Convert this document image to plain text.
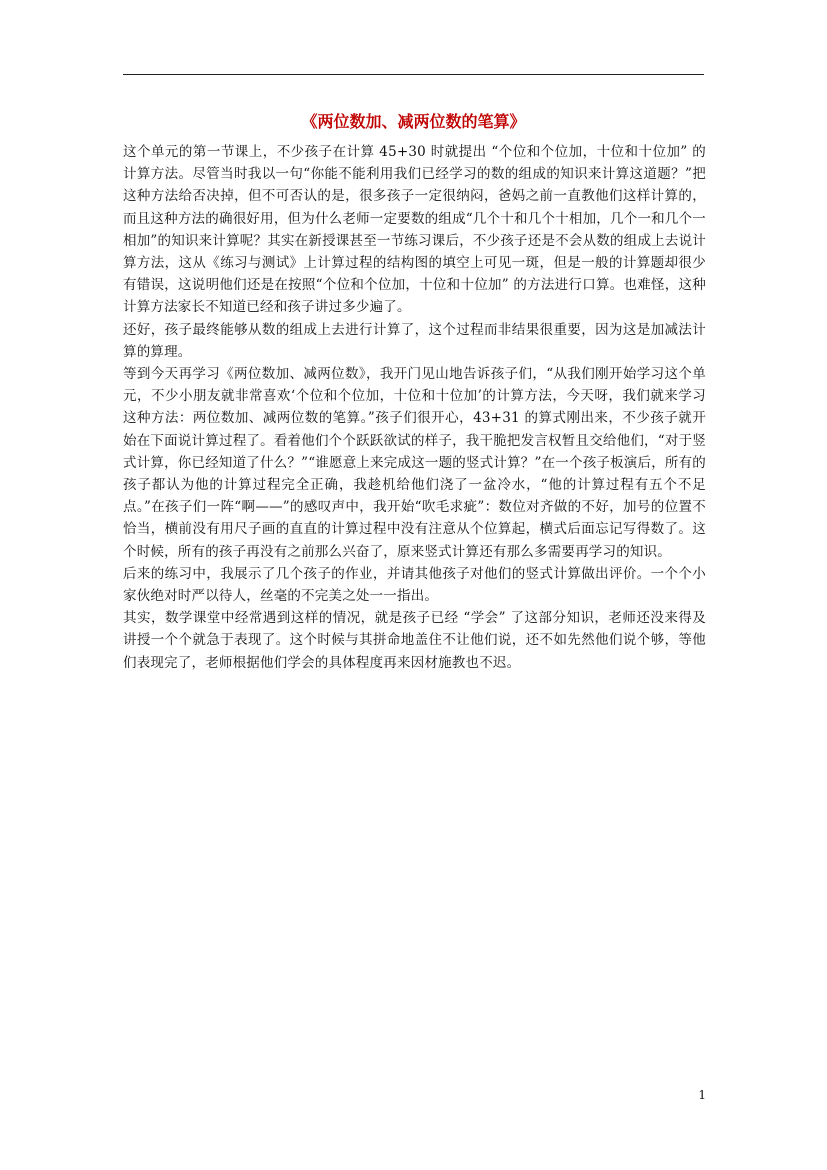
《两位数加、减两位数的笔算》

这个单元的第一节课上，不少孩子在计算 45+30 时就提出 “个位和个位加，十位和十位加” 的计算方法。尽管当时我以一句“你能不能利用我们已经学习的数的组成的知识来计算这道题？”把这种方法给否决掉，但不可否认的是，很多孩子一定很纳闷，爸妈之前一直教他们这样计算的，而且这种方法的确很好用，但为什么老师一定要数的组成“几个十和几个十相加，几个一和几个一相加”的知识来计算呢？其实在新授课甚至一节练习课后，不少孩子还是不会从数的组成上去说计算方法，这从《练习与测试》上计算过程的结构图的填空上可见一斑，但是一般的计算题却很少有错误，这说明他们还是在按照“个位和个位加，十位和十位加” 的方法进行口算。也难怪，这种计算方法家长不知道已经和孩子讲过多少遍了。

还好，孩子最终能够从数的组成上去进行计算了，这个过程而非结果很重要，因为这是加减法计算的算理。

等到今天再学习《两位数加、减两位数》，我开门见山地告诉孩子们，“从我们刚开始学习这个单元，不少小朋友就非常喜欢‘个位和个位加，十位和十位加’的计算方法，今天呀，我们就来学习这种方法：两位数加、减两位数的笔算。”孩子们很开心，43+31 的算式刚出来，不少孩子就开始在下面说计算过程了。看着他们个个跃跃欲试的样子，我干脆把发言权暂且交给他们，“对于竖式计算，你已经知道了什么？”“谁愿意上来完成这一题的竖式计算？”在一个孩子板演后，所有的孩子都认为他的计算过程完全正确，我趁机给他们浇了一盆冷水，“他的计算过程有五个不足点。”在孩子们一阵“啊——”的感叹声中，我开始“吹毛求疵”：数位对齐做的不好，加号的位置不恰当，横前没有用尺子画的直直的计算过程中没有注意从个位算起，横式后面忘记写得数了。这个时候，所有的孩子再没有之前那么兴奋了，原来竖式计算还有那么多需要再学习的知识。

后来的练习中，我展示了几个孩子的作业，并请其他孩子对他们的竖式计算做出评价。一个个小家伙绝对时严以待人，丝毫的不完美之处一一指出。

其实，数学课堂中经常遇到这样的情况，就是孩子已经 “学会” 了这部分知识，老师还没来得及讲授一个个就急于表现了。这个时候与其拼命地盖住不让他们说，还不如先然他们说个够，等他们表现完了，老师根据他们学会的具体程度再来因材施教也不迟。

1
